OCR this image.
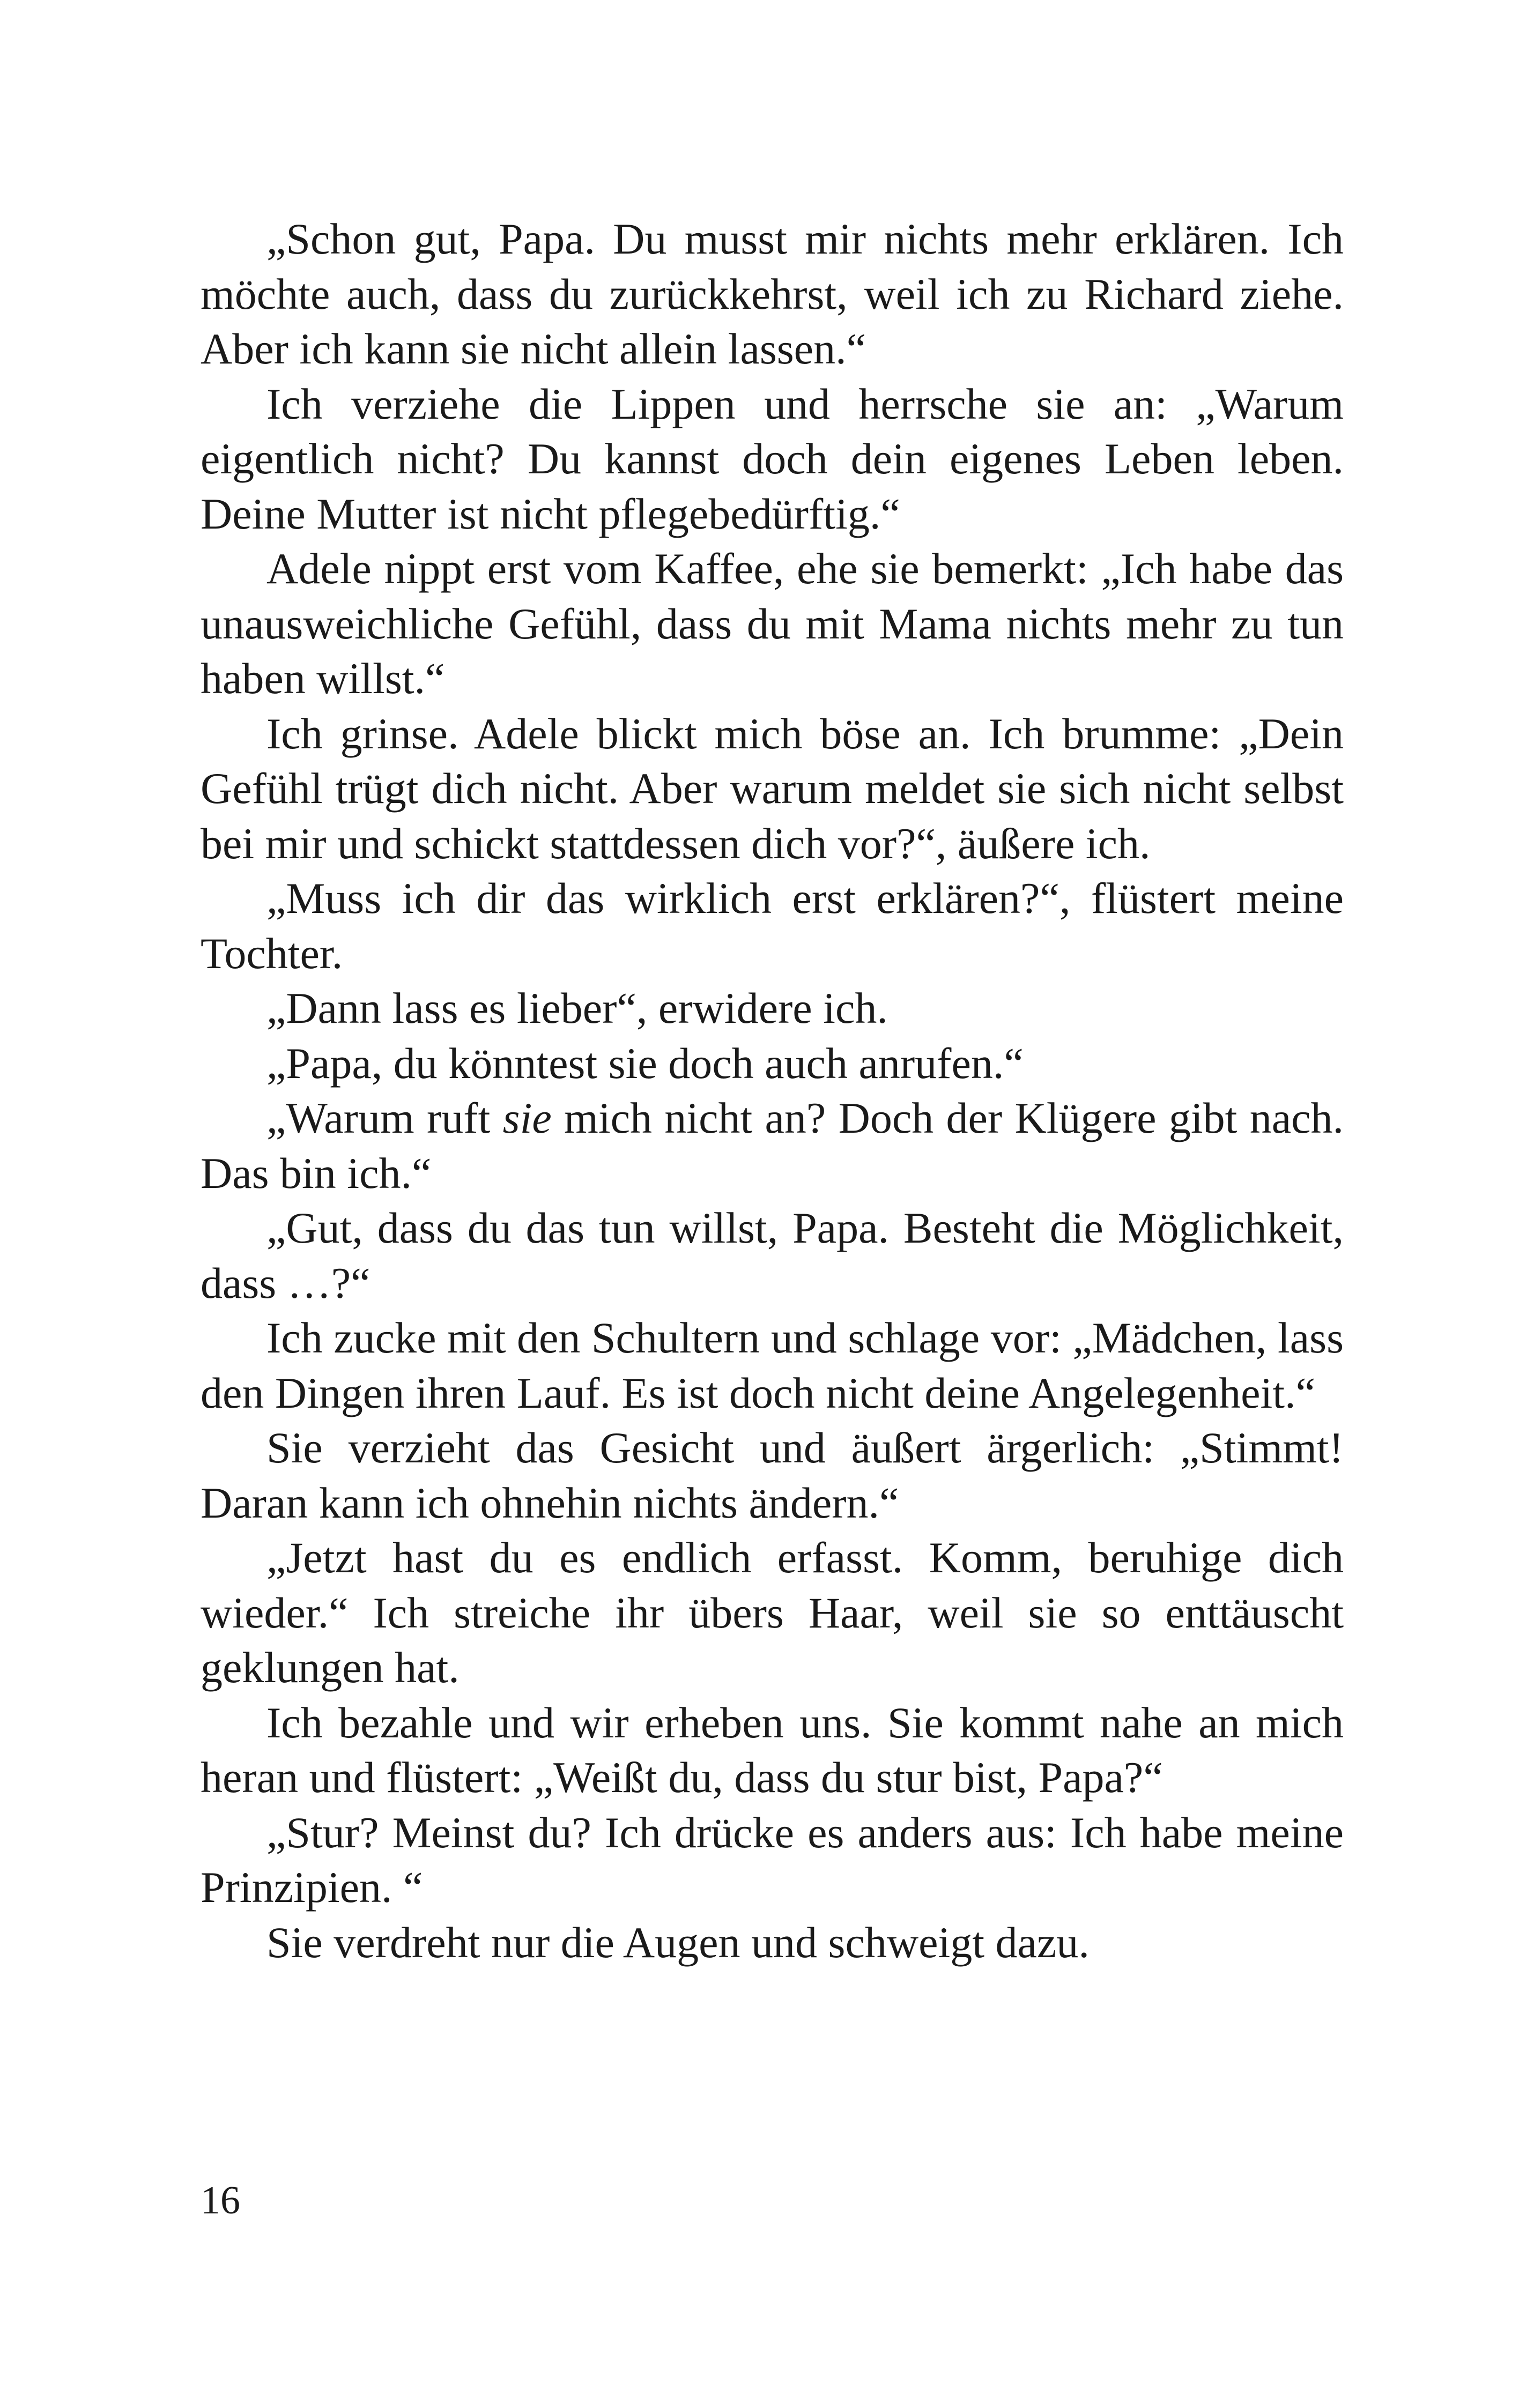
„Schon gut, Papa. Du musst mir nichts mehr erklären. Ich möchte auch, dass du zurückkehrst, weil ich zu Richard ziehe. Aber ich kann sie nicht allein lassen.“

Ich verziehe die Lippen und herrsche sie an: „Warum eigentlich nicht? Du kannst doch dein eigenes Leben leben. Deine Mutter ist nicht pflegebedürftig.“

Adele nippt erst vom Kaffee, ehe sie bemerkt: „Ich habe das unausweichliche Gefühl, dass du mit Mama nichts mehr zu tun haben willst.“

Ich grinse. Adele blickt mich böse an. Ich brumme: „Dein Gefühl trügt dich nicht. Aber warum meldet sie sich nicht selbst bei mir und schickt stattdessen dich vor?“, äußere ich.

„Muss ich dir das wirklich erst erklären?“, flüstert meine Tochter.

„Dann lass es lieber“, erwidere ich.

„Papa, du könntest sie doch auch anrufen.“

„Warum ruft sie mich nicht an? Doch der Klügere gibt nach. Das bin ich.“

„Gut, dass du das tun willst, Papa. Besteht die Möglichkeit, dass …?“

Ich zucke mit den Schultern und schlage vor: „Mädchen, lass den Dingen ihren Lauf. Es ist doch nicht deine Angelegenheit.“

Sie verzieht das Gesicht und äußert ärgerlich: „Stimmt! Daran kann ich ohnehin nichts ändern.“

„Jetzt hast du es endlich erfasst. Komm, beruhige dich wieder.“ Ich streiche ihr übers Haar, weil sie so enttäuscht geklungen hat.

Ich bezahle und wir erheben uns. Sie kommt nahe an mich heran und flüstert: „Weißt du, dass du stur bist, Papa?“

„Stur? Meinst du? Ich drücke es anders aus: Ich habe meine Prinzipien. “

Sie verdreht nur die Augen und schweigt dazu.

16
